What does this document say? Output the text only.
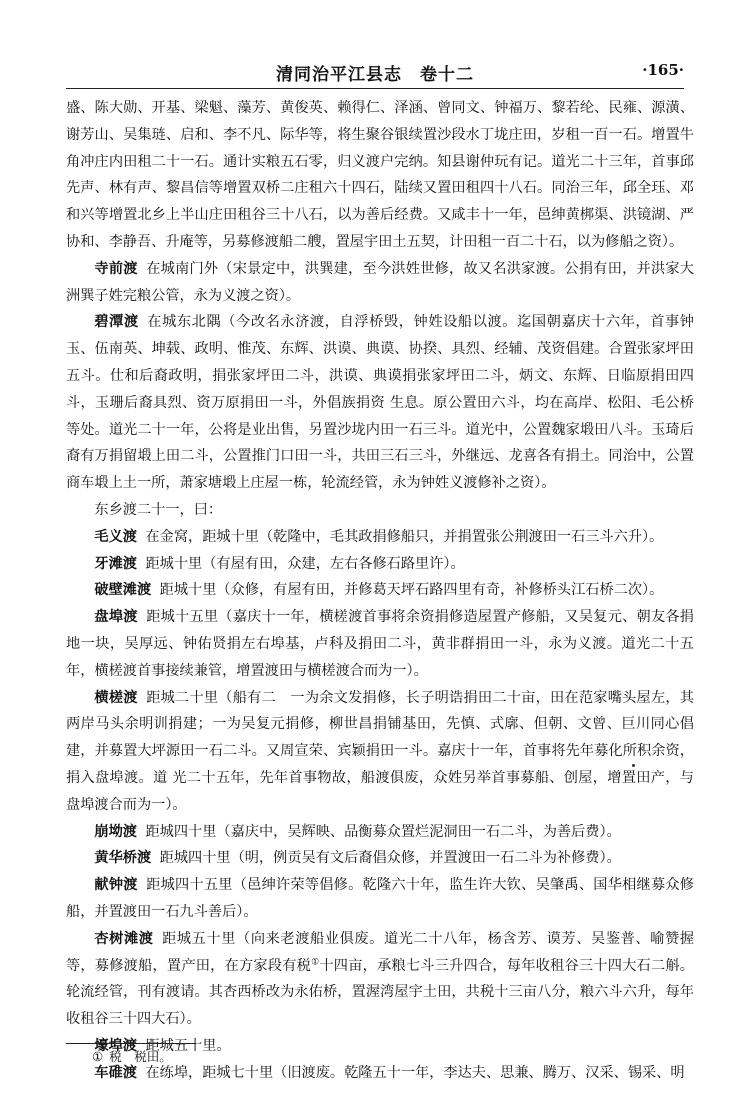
清同治平江县志　卷十二	·165·

盛、陈大勋、开基、梁魁、藻芳、黄俊英、赖得仁、泽涵、曾同文、钟福万、黎若纶、民雍、源潢、谢芳山、吴集琏、启和、李不凡、际华等，将生聚谷银续置沙段水丁垅庄田，岁租一百一石。增置牛角冲庄内田租二十一石。通计实粮五石零，归义渡户完纳。知县谢仲玩有记。道光二十三年，首事邱先声、林有声、黎昌信等增置双桥二庄租六十四石，陆续又置田租四十八石。同治三年，邱全珏、邓和兴等增置北乡上半山庄田租谷三十八石，以为善后经费。又咸丰十一年，邑绅黄梆渠、洪镜湖、严协和、李静吾、升庵等，另募修渡船二艘，置屋宇田土五契，计田租一百二十石，以为修船之资）。

寺前渡 在城南门外（宋景定中，洪巽建，至今洪姓世修，故又名洪家渡。公捐有田，并洪家大洲巽子姓完粮公管，永为义渡之资）。

碧潭渡 在城东北隅（今改名永济渡，自浮桥毁，钟姓设船以渡。迄国朝嘉庆十六年，首事钟玉、伍南英、坤载、政明、惟茂、东辉、洪谟、典谟、协揆、具烈、经辅、茂资倡建。合置张家坪田五斗。仕和后裔政明，捐张家坪田二斗，洪谟、典谟捐张家坪田二斗，炳文、东辉、日临原捐田四斗，玉珊后裔具烈、资万原捐田一斗，外倡族捐资 生息。原公置田六斗，均在高岸、松阳、毛公桥等处。道光二十一年，公将是业出售，另置沙垅内田一石三斗。道光中，公置魏家塅田八斗。玉琦后裔有万捐留塅上田二斗，公置推门口田一斗，共田三石三斗，外继远、龙喜各有捐土。同治中，公置商车塅上土一所，萧家塘塅上庄屋一栋，轮流经管，永为钟姓义渡修补之资）。

东乡渡二十一，曰：

毛义渡 在金窝，距城十里（乾隆中，毛其政捐修船只，并捐置张公荆渡田一石三斗六升）。

牙滩渡 距城十里（有屋有田，众建，左右各修石路里许）。

破壁滩渡 距城十里（众修，有屋有田，并修葛天坪石路四里有奇，补修桥头江石桥二次）。

盘埠渡 距城十五里（嘉庆十一年，横槎渡首事将余资捐修造屋置产修船，又吴复元、朝友各捐地一块，吴厚远、钟佑贤捐左右埠基，卢科及捐田二斗，黄非群捐田一斗，永为义渡。道光二十五年，横槎渡首事接续兼管，增置渡田与横槎渡合而为一）。

横槎渡 距城二十里（船有二　一为余文发捐修，长子明诰捐田二十亩，田在范家嘴头屋左，其两岸马头余明训捐建；一为吴复元捐修，柳世昌捐铺基田，先慎、式廓、但朝、文曾、巨川同心倡建，并募置大坪源田一石二斗。又周宣荣、宾颖捐田一斗。嘉庆十一年，首事将先年募化所积余资，捐入盘埠渡。道 光二十五年，先年首事物故，船渡俱废，众姓另举首事募船、创屋，增置田产，与盘埠渡合而为一）。

崩坳渡 距城四十里（嘉庆中，吴辉映、品衡募众置烂泥洞田一石二斗，为善后费）。

黄华桥渡 距城四十里（明，例贡吴有文后裔倡众修，并置渡田一石二斗为补修费）。

献钟渡 距城四十五里（邑绅许荣等倡修。乾隆六十年，监生许大钦、吴肇禹、国华相继募众修船，并置渡田一石九斗善后）。

杏树滩渡 距城五十里（向来老渡船业俱废。道光二十八年，杨含芳、谟芳、吴鉴普、喻赞握等，募修渡船，置产田，在方家段有税①十四亩，承粮七斗三升四合，每年收租谷三十四大石二斛。轮流经管，刊有渡请。其杏西桥改为永佑桥，置渥湾屋宇土田，共税十三亩八分，粮六斗六升，每年收租谷三十四大石）。

壕埠渡 距城五十里。

车碓渡 在练埠，距城七十里（旧渡废。乾隆五十一年，李达夫、思兼、腾万、汉采、锡采、明

① 税　税田。
